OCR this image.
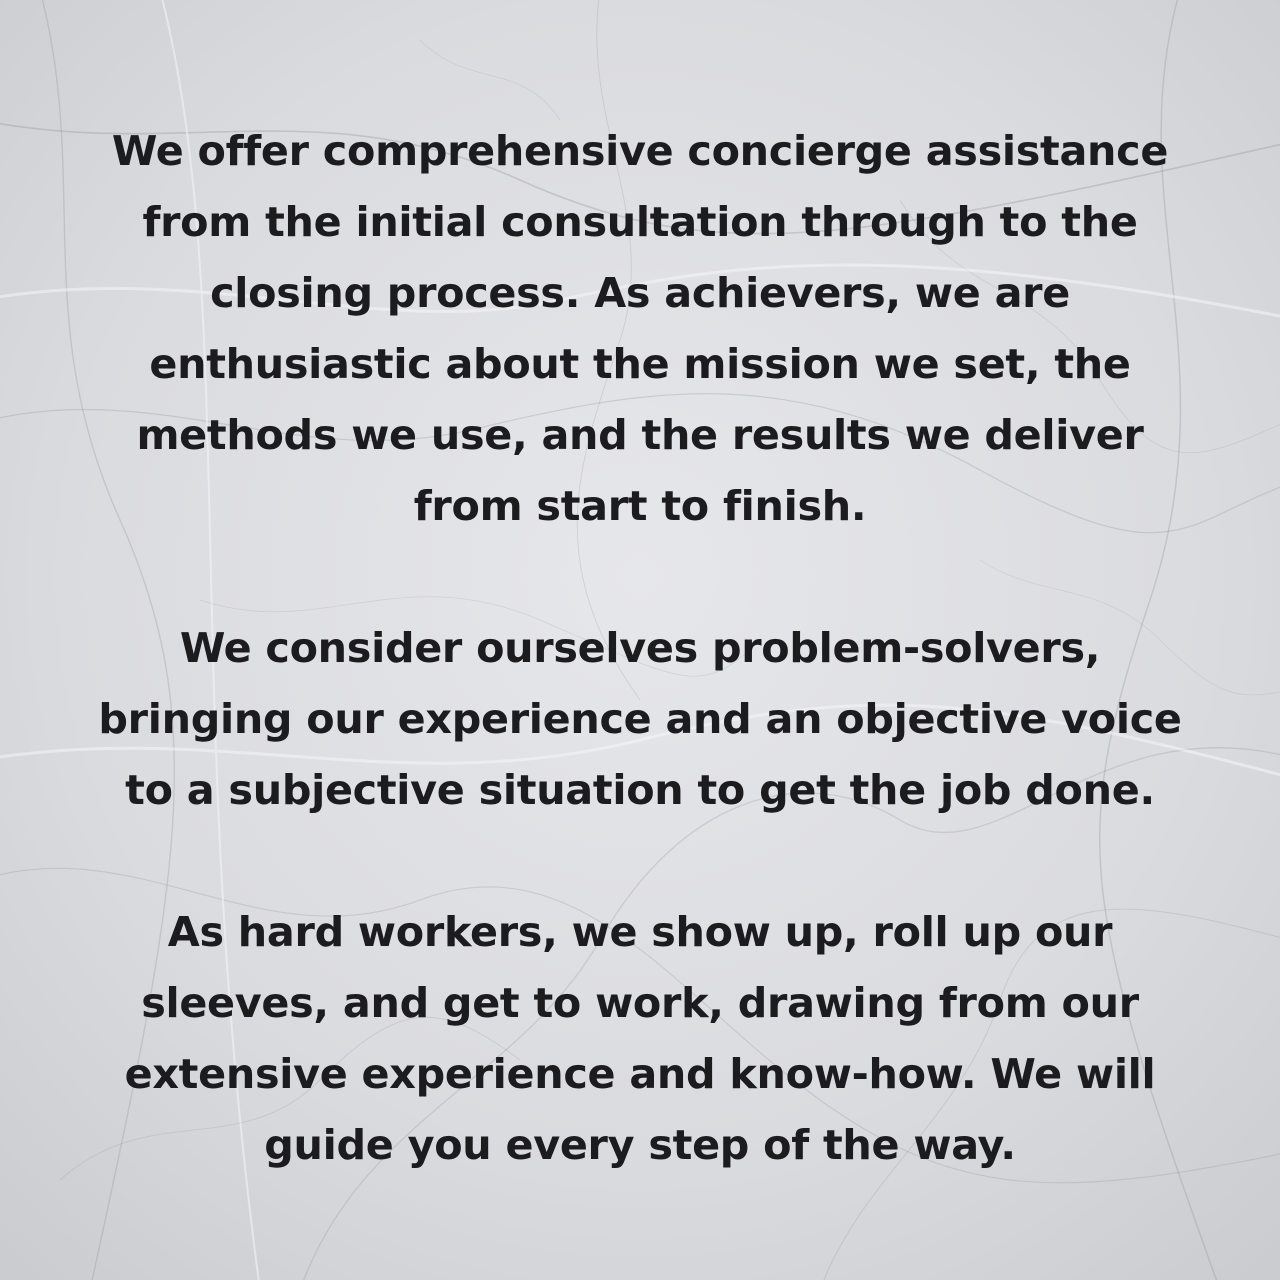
We offer comprehensive concierge assistance
from the initial consultation through to the
closing process. As achievers, we are
enthusiastic about the mission we set, the
methods we use, and the results we deliver
from start to finish.
We consider ourselves problem-solvers,
bringing our experience and an objective voice
to a subjective situation to get the job done.
As hard workers, we show up, roll up our
sleeves, and get to work, drawing from our
extensive experience and know-how. We will
guide you every step of the way.
